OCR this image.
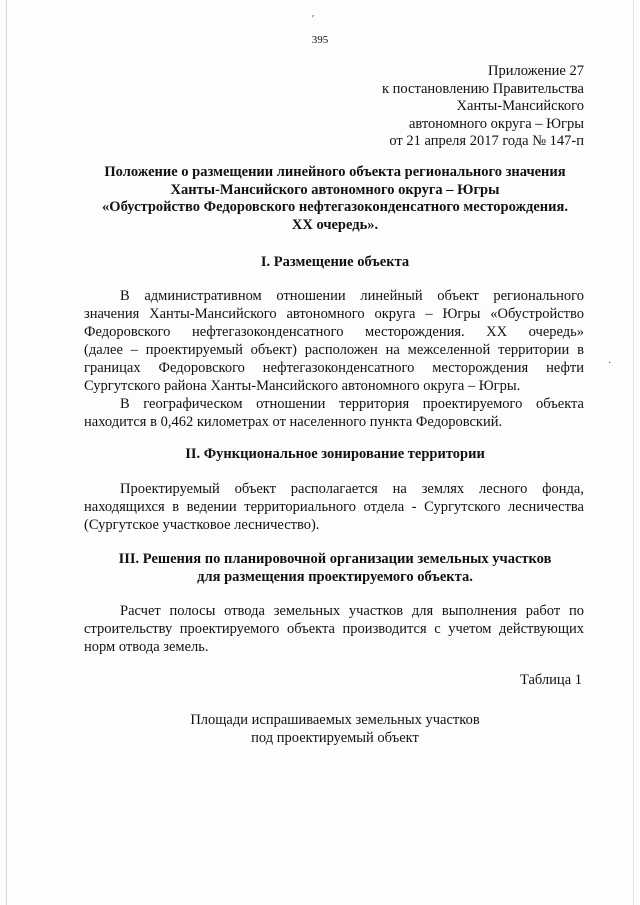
′
·
395
Приложение 27
к постановлению Правительства
Ханты-Мансийского
автономного округа – Югры
от 21 апреля 2017 года № 147-п
Положение о размещении линейного объекта регионального значения
Ханты-Мансийского автономного округа – Югры
«Обустройство Федоровского нефтегазоконденсатного месторождения.
ХХ очередь».
I. Размещение объекта
В административном отношении линейный объект регионального
значения Ханты-Мансийского автономного округа – Югры «Обустройство
Федоровского нефтегазоконденсатного месторождения. ХХ очередь»
(далее – проектируемый объект) расположен на межселенной территории в
границах Федоровского нефтегазоконденсатного месторождения нефти
Сургутского района Ханты-Мансийского автономного округа – Югры.
В географическом отношении территория проектируемого объекта
находится в 0,462 километрах от населенного пункта Федоровский.
II. Функциональное зонирование территории
Проектируемый объект располагается на землях лесного фонда,
находящихся в ведении территориального отдела - Сургутского лесничества
(Сургутское участковое лесничество).
III. Решения по планировочной организации земельных участков
для размещения проектируемого объекта.
Расчет полосы отвода земельных участков для выполнения работ по
строительству проектируемого объекта производится с учетом действующих
норм отвода земель.
Таблица 1
Площади испрашиваемых земельных участков
под проектируемый объект
